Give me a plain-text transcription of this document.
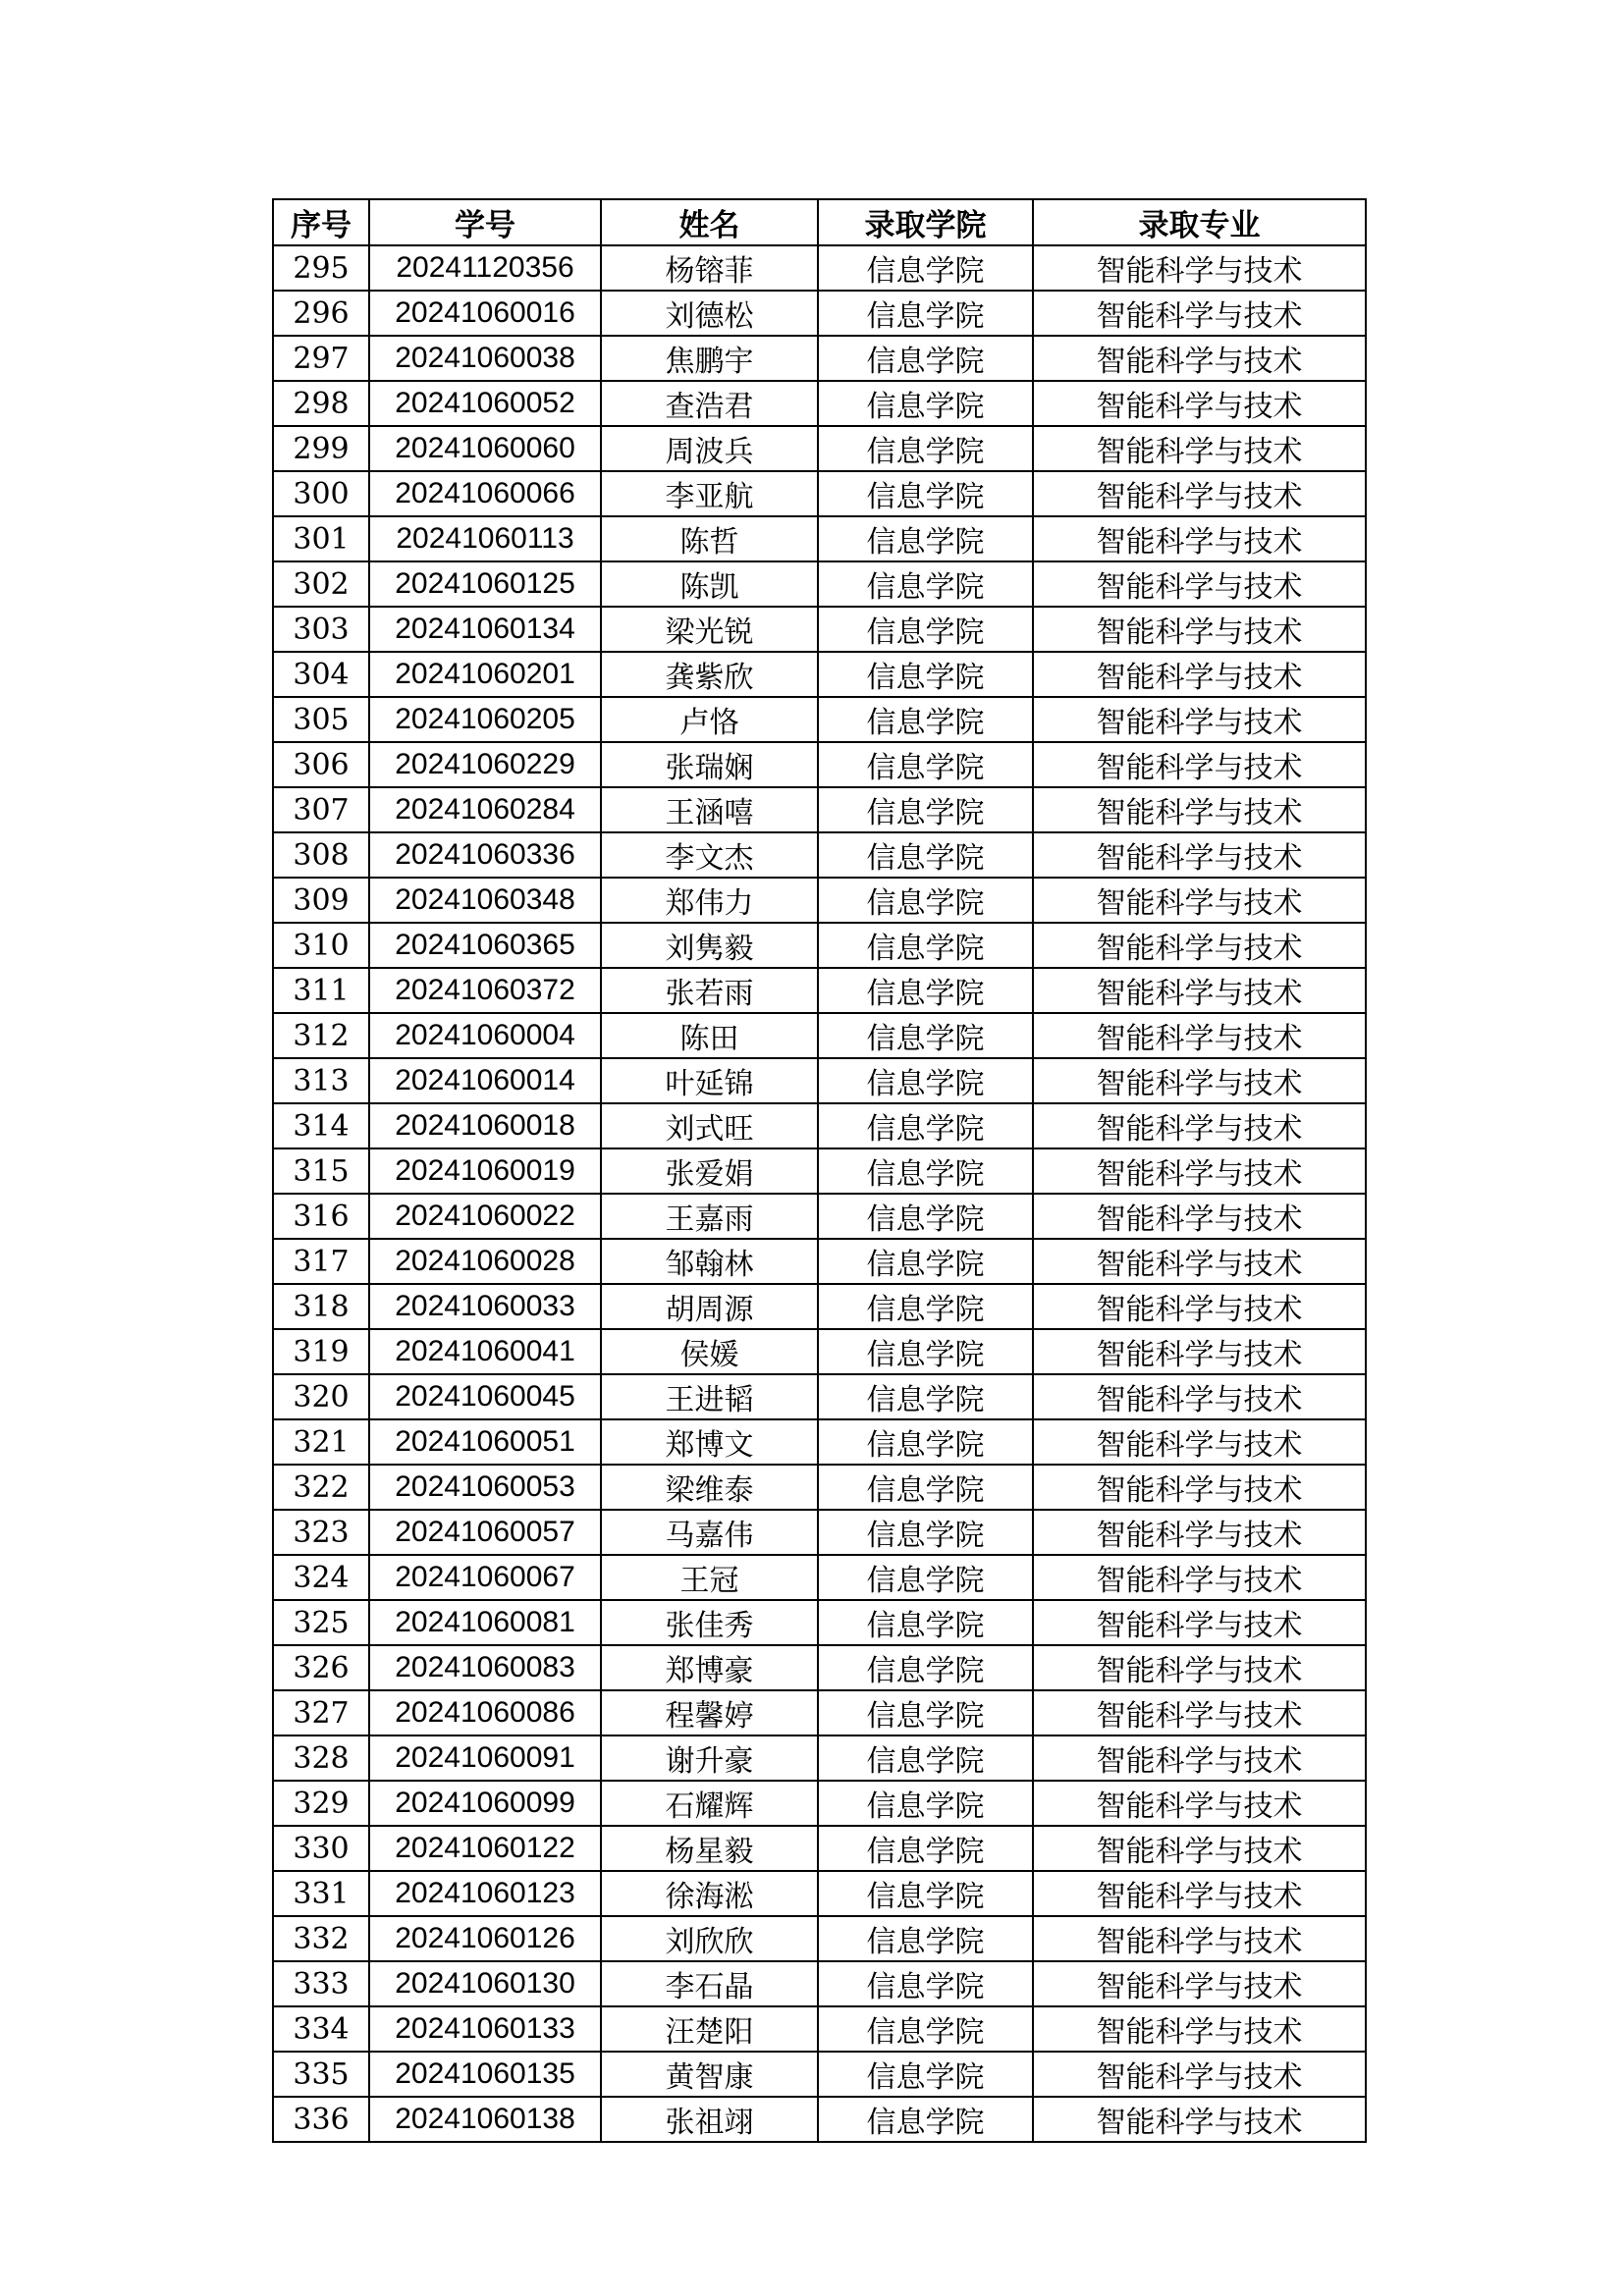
序号	学号	姓名	录取学院	录取专业
295	20241120356	杨镕菲	信息学院	智能科学与技术
296	20241060016	刘德松	信息学院	智能科学与技术
297	20241060038	焦鹏宇	信息学院	智能科学与技术
298	20241060052	查浩君	信息学院	智能科学与技术
299	20241060060	周波兵	信息学院	智能科学与技术
300	20241060066	李亚航	信息学院	智能科学与技术
301	20241060113	陈哲	信息学院	智能科学与技术
302	20241060125	陈凯	信息学院	智能科学与技术
303	20241060134	梁光锐	信息学院	智能科学与技术
304	20241060201	龚紫欣	信息学院	智能科学与技术
305	20241060205	卢恪	信息学院	智能科学与技术
306	20241060229	张瑞娴	信息学院	智能科学与技术
307	20241060284	王涵嘻	信息学院	智能科学与技术
308	20241060336	李文杰	信息学院	智能科学与技术
309	20241060348	郑伟力	信息学院	智能科学与技术
310	20241060365	刘隽毅	信息学院	智能科学与技术
311	20241060372	张若雨	信息学院	智能科学与技术
312	20241060004	陈田	信息学院	智能科学与技术
313	20241060014	叶延锦	信息学院	智能科学与技术
314	20241060018	刘式旺	信息学院	智能科学与技术
315	20241060019	张爱娟	信息学院	智能科学与技术
316	20241060022	王嘉雨	信息学院	智能科学与技术
317	20241060028	邹翰林	信息学院	智能科学与技术
318	20241060033	胡周源	信息学院	智能科学与技术
319	20241060041	侯媛	信息学院	智能科学与技术
320	20241060045	王进韬	信息学院	智能科学与技术
321	20241060051	郑博文	信息学院	智能科学与技术
322	20241060053	梁维泰	信息学院	智能科学与技术
323	20241060057	马嘉伟	信息学院	智能科学与技术
324	20241060067	王冠	信息学院	智能科学与技术
325	20241060081	张佳秀	信息学院	智能科学与技术
326	20241060083	郑博豪	信息学院	智能科学与技术
327	20241060086	程馨婷	信息学院	智能科学与技术
328	20241060091	谢升豪	信息学院	智能科学与技术
329	20241060099	石耀辉	信息学院	智能科学与技术
330	20241060122	杨星毅	信息学院	智能科学与技术
331	20241060123	徐海淞	信息学院	智能科学与技术
332	20241060126	刘欣欣	信息学院	智能科学与技术
333	20241060130	李石晶	信息学院	智能科学与技术
334	20241060133	汪楚阳	信息学院	智能科学与技术
335	20241060135	黄智康	信息学院	智能科学与技术
336	20241060138	张祖翊	信息学院	智能科学与技术
